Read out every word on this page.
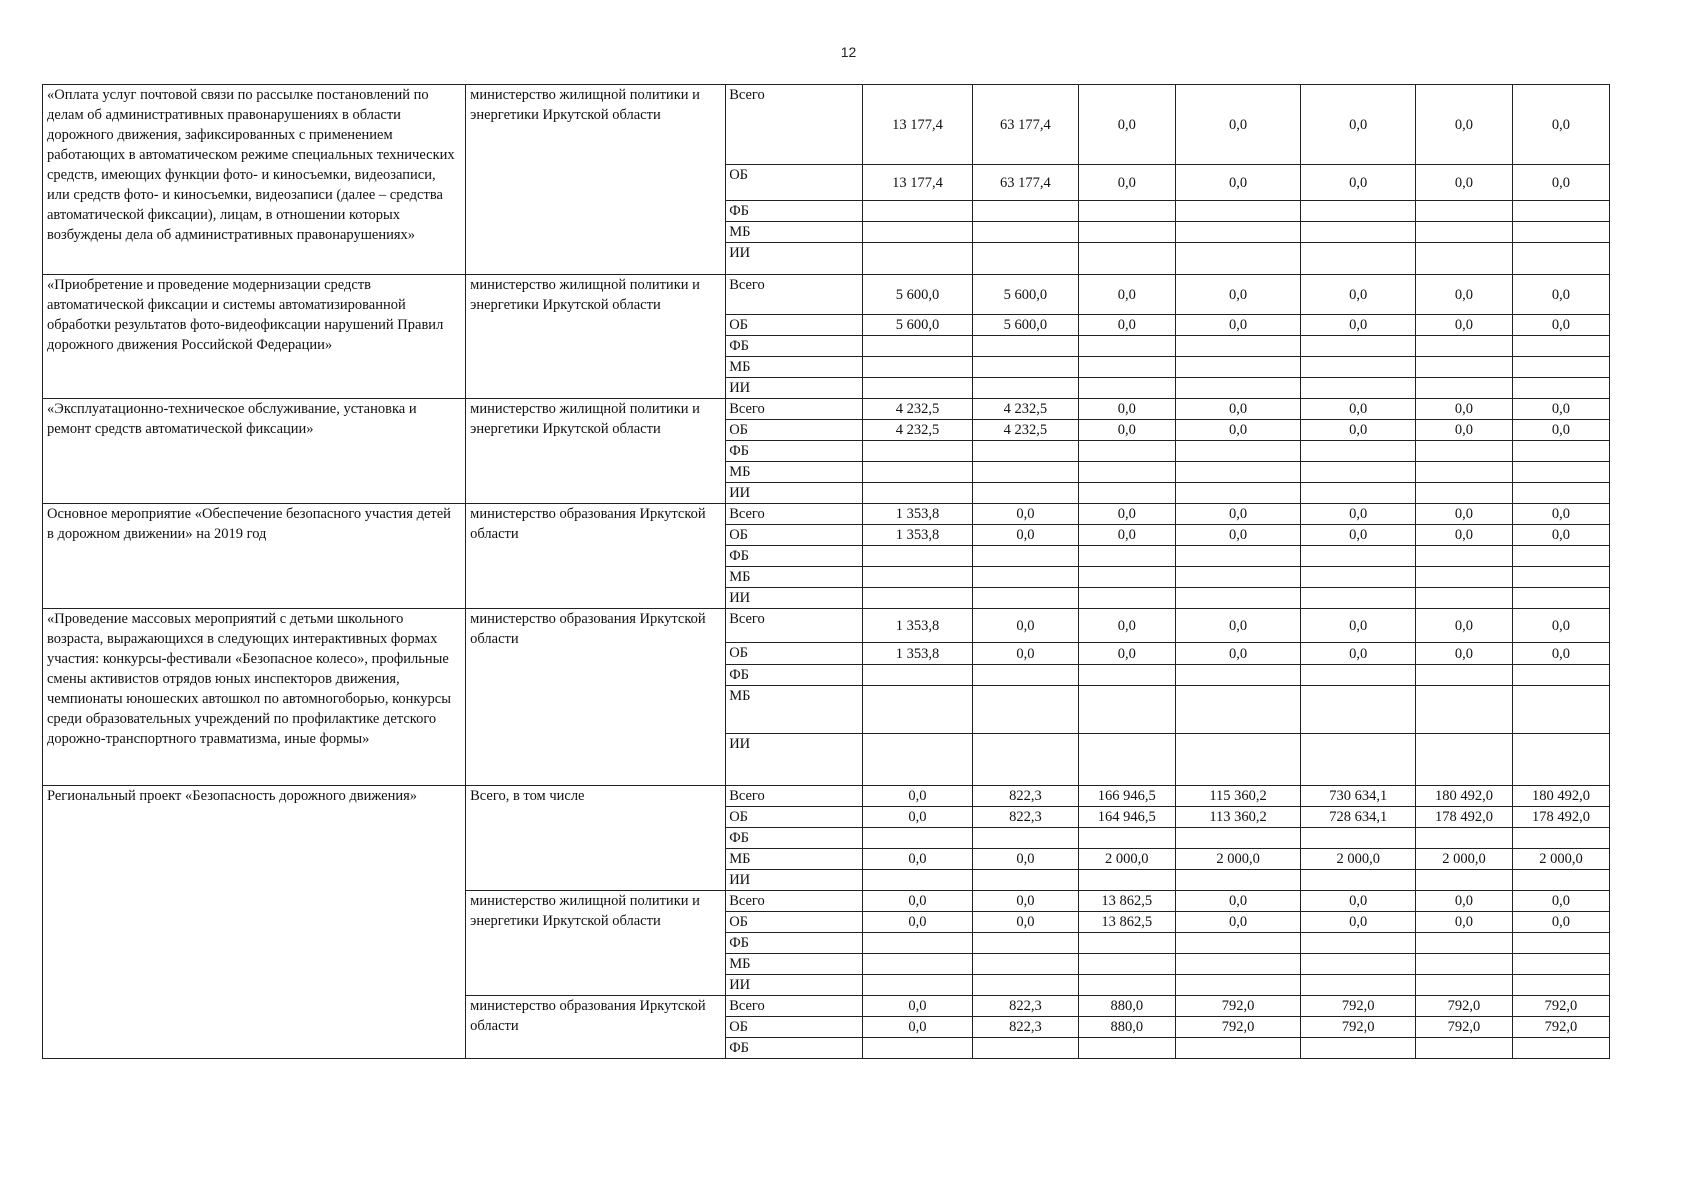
12
«Оплата услуг почтовой связи по рассылке постановлений по делам об административных правонарушениях в области дорожного движения, зафиксированных с применением работающих в автоматическом режиме специальных технических средств, имеющих функции фото- и киносъемки, видеозаписи, или средств фото- и киносъемки, видеозаписи (далее – средства автоматической фиксации), лицам, в отношении которых возбуждены дела об административных правонарушениях»	министерство жилищной политики и энергетики Иркутской области	Всего	13 177,4	63 177,4	0,0	0,0	0,0	0,0	0,0
		ОБ	13 177,4	63 177,4	0,0	0,0	0,0	0,0	0,0
		ФБ							
		МБ							
		ИИ							
«Приобретение и проведение модернизации средств автоматической фиксации и системы автоматизированной обработки результатов фото-видеофиксации нарушений Правил дорожного движения Российской Федерации»	министерство жилищной политики и энергетики Иркутской области	Всего	5 600,0	5 600,0	0,0	0,0	0,0	0,0	0,0
		ОБ	5 600,0	5 600,0	0,0	0,0	0,0	0,0	0,0
		ФБ							
		МБ							
		ИИ							
«Эксплуатационно-техническое обслуживание, установка и ремонт средств автоматической фиксации»	министерство жилищной политики и энергетики Иркутской области	Всего	4 232,5	4 232,5	0,0	0,0	0,0	0,0	0,0
		ОБ	4 232,5	4 232,5	0,0	0,0	0,0	0,0	0,0
		ФБ							
		МБ							
		ИИ							
Основное мероприятие «Обеспечение безопасного участия детей в дорожном движении» на 2019 год	министерство образования Иркутской области	Всего	1 353,8	0,0	0,0	0,0	0,0	0,0	0,0
		ОБ	1 353,8	0,0	0,0	0,0	0,0	0,0	0,0
		ФБ							
		МБ							
		ИИ							
«Проведение массовых мероприятий с детьми школьного возраста, выражающихся в следующих интерактивных формах участия: конкурсы-фестивали «Безопасное колесо», профильные смены активистов отрядов юных инспекторов движения, чемпионаты юношеских автошкол по автомногоборью, конкурсы среди образовательных учреждений по профилактике детского дорожно-транспортного травматизма, иные формы»	министерство образования Иркутской области	Всего	1 353,8	0,0	0,0	0,0	0,0	0,0	0,0
		ОБ	1 353,8	0,0	0,0	0,0	0,0	0,0	0,0
		ФБ							
		МБ							
		ИИ							
Региональный проект «Безопасность дорожного движения»	Всего, в том числе	Всего	0,0	822,3	166 946,5	115 360,2	730 634,1	180 492,0	180 492,0
		ОБ	0,0	822,3	164 946,5	113 360,2	728 634,1	178 492,0	178 492,0
		ФБ							
		МБ	0,0	0,0	2 000,0	2 000,0	2 000,0	2 000,0	2 000,0
		ИИ							
	министерство жилищной политики и энергетики Иркутской области	Всего	0,0	0,0	13 862,5	0,0	0,0	0,0	0,0
		ОБ	0,0	0,0	13 862,5	0,0	0,0	0,0	0,0
		ФБ							
		МБ							
		ИИ							
	министерство образования Иркутской области	Всего	0,0	822,3	880,0	792,0	792,0	792,0	792,0
		ОБ	0,0	822,3	880,0	792,0	792,0	792,0	792,0
		ФБ							
